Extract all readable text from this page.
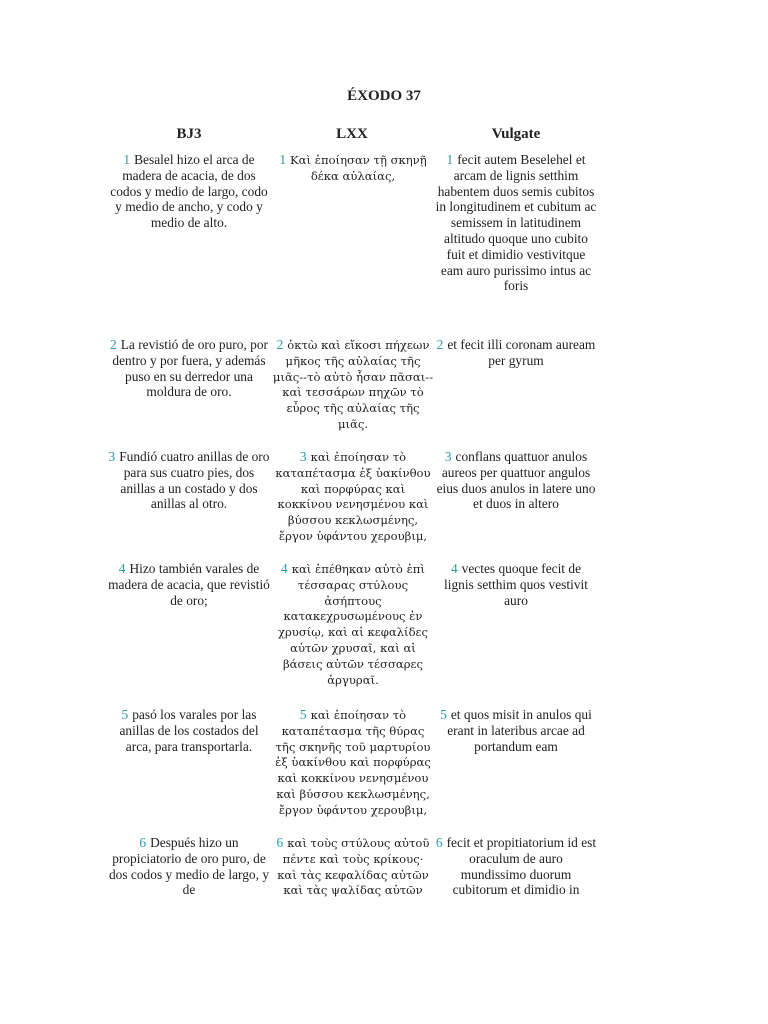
ÉXODO 37
BJ3	LXX	Vulgate
1 Besalel hizo el arca de madera de acacia, de dos codos y medio de largo, codo y medio de ancho, y codo y medio de alto.
1 Καὶ ἐποίησαν τῇ σκηνῇ δέκα αὐλαίας,
1 fecit autem Beselehel et arcam de lignis setthim habentem duos semis cubitos in longitudinem et cubitum ac semissem in latitudinem altitudo quoque uno cubito fuit et dimidio vestivitque eam auro purissimo intus ac foris
2 La revistió de oro puro, por dentro y por fuera, y además puso en su derredor una moldura de oro.
2 ὀκτὼ καὶ εἴκοσι πήχεων μῆκος τῆς αὐλαίας τῆς μιᾶς--τὸ αὐτὸ ἦσαν πᾶσαι-- καὶ τεσσάρων πηχῶν τὸ εὖρος τῆς αὐλαίας τῆς μιᾶς.
2 et fecit illi coronam auream per gyrum
3 Fundió cuatro anillas de oro para sus cuatro pies, dos anillas a un costado y dos anillas al otro.
3 καὶ ἐποίησαν τὸ καταπέτασμα ἐξ ὑακίνθου καὶ πορφύρας καὶ κοκκίνου νενησμένου καὶ βύσσου κεκλωσμένης, ἔργον ὑφάντου χερουβιμ,
3 conflans quattuor anulos aureos per quattuor angulos eius duos anulos in latere uno et duos in altero
4 Hizo también varales de madera de acacia, que revistió de oro;
4 καὶ ἐπέθηκαν αὐτὸ ἐπὶ τέσσαρας στύλους ἀσήπτους κατακεχρυσωμένους ἐν χρυσίῳ, καὶ αἱ κεφαλίδες αὐτῶν χρυσαῖ, καὶ αἱ βάσεις αὐτῶν τέσσαρες ἀργυραῖ.
4 vectes quoque fecit de lignis setthim quos vestivit auro
5 pasó los varales por las anillas de los costados del arca, para transportarla.
5 καὶ ἐποίησαν τὸ καταπέτασμα τῆς θύρας τῆς σκηνῆς τοῦ μαρτυρίου ἐξ ὑακίνθου καὶ πορφύρας καὶ κοκκίνου νενησμένου καὶ βύσσου κεκλωσμένης, ἔργον ὑφάντου χερουβιμ,
5 et quos misit in anulos qui erant in lateribus arcae ad portandum eam
6 Después hizo un propiciatorio de oro puro, de dos codos y medio de largo, y de
6 καὶ τοὺς στύλους αὐτοῦ πέντε καὶ τοὺς κρίκους· καὶ τὰς κεφαλίδας αὐτῶν καὶ τὰς ψαλίδας αὐτῶν
6 fecit et propitiatorium id est oraculum de auro mundissimo duorum cubitorum et dimidio in
